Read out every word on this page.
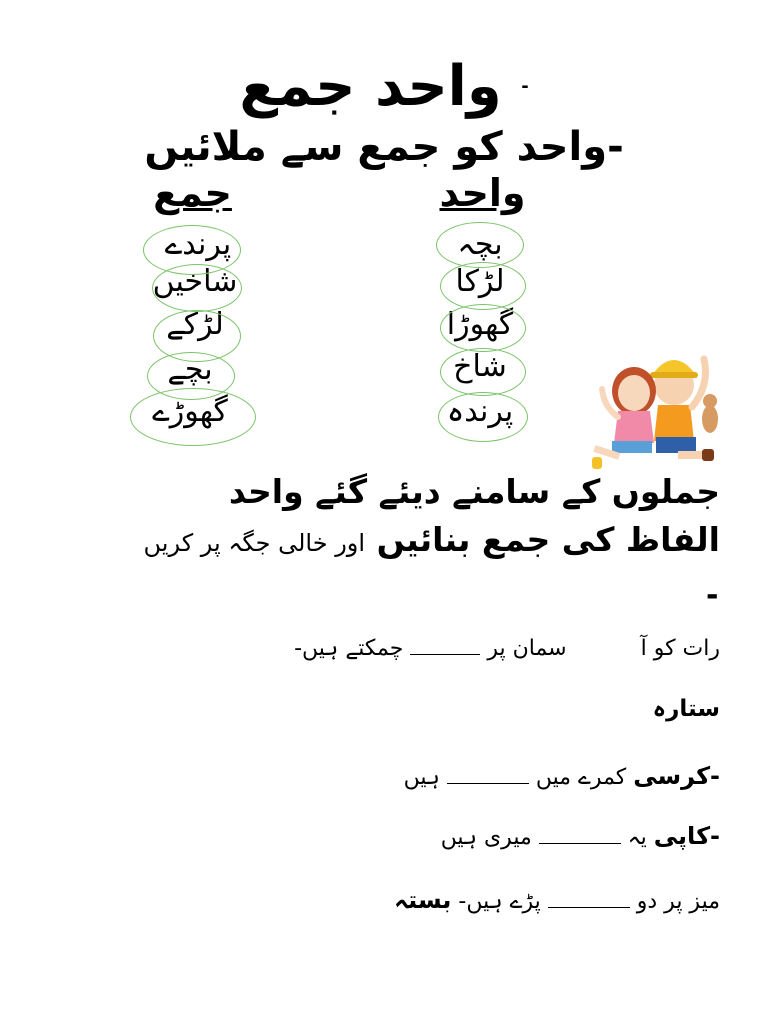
- واحد جمع
-واحد کو جمع سے ملائیں
واحد
جمع
بچہ
لڑکا
گھوڑا
شاخ
پرندہ
پرندے
شاخیں
لڑکے
بچے
گھوڑے
جملوں کے سامنے دیئے گئے واحد
الفاظ کی جمع بنائیں اور خالی جگہ پر کریں
-
رات کو آ  سمان پر  چمکتے ہیں-
ستارہ
-کرسی کمرے میں  ہیں
-کاپی یہ  میری ہیں
میز پر دو  پڑے ہیں- بستہ
